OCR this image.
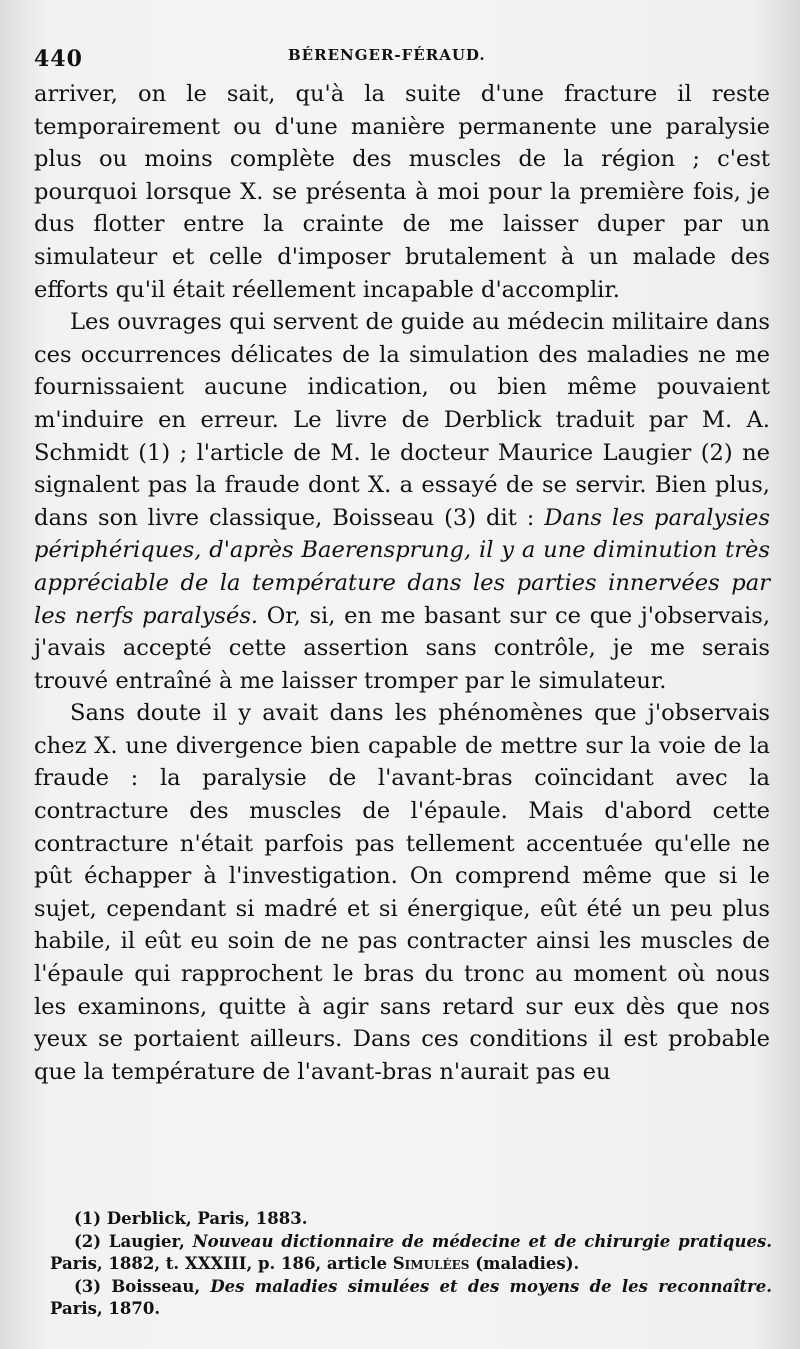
440	BÉRENGER-FÉRAUD.

arriver, on le sait, qu'à la suite d'une fracture il reste temporairement ou d'une manière permanente une paralysie plus ou moins complète des muscles de la région ; c'est pourquoi lorsque X. se présenta à moi pour la première fois, je dus flotter entre la crainte de me laisser duper par un simulateur et celle d'imposer brutalement à un malade des efforts qu'il était réellement incapable d'accomplir.

Les ouvrages qui servent de guide au médecin militaire dans ces occurrences délicates de la simulation des maladies ne me fournissaient aucune indication, ou bien même pouvaient m'induire en erreur. Le livre de Derblick traduit par M. A. Schmidt (1) ; l'article de M. le docteur Maurice Laugier (2) ne signalent pas la fraude dont X. a essayé de se servir. Bien plus, dans son livre classique, Boisseau (3) dit : Dans les paralysies périphériques, d'après Baerensprung, il y a une diminution très appréciable de la température dans les parties innervées par les nerfs paralysés. Or, si, en me basant sur ce que j'observais, j'avais accepté cette assertion sans contrôle, je me serais trouvé entraîné à me laisser tromper par le simulateur.

Sans doute il y avait dans les phénomènes que j'observais chez X. une divergence bien capable de mettre sur la voie de la fraude : la paralysie de l'avant-bras coïncidant avec la contracture des muscles de l'épaule. Mais d'abord cette contracture n'était parfois pas tellement accentuée qu'elle ne pût échapper à l'investigation. On comprend même que si le sujet, cependant si madré et si énergique, eût été un peu plus habile, il eût eu soin de ne pas contracter ainsi les muscles de l'épaule qui rapprochent le bras du tronc au moment où nous les examinons, quitte à agir sans retard sur eux dès que nos yeux se portaient ailleurs. Dans ces conditions il est probable que la température de l'avant-bras n'aurait pas eu

(1) Derblick, Paris, 1883.

(2) Laugier, Nouveau dictionnaire de médecine et de chirurgie pratiques. Paris, 1882, t. XXXIII, p. 186, article Simulées (maladies).

(3) Boisseau, Des maladies simulées et des moyens de les reconnaître. Paris, 1870.
